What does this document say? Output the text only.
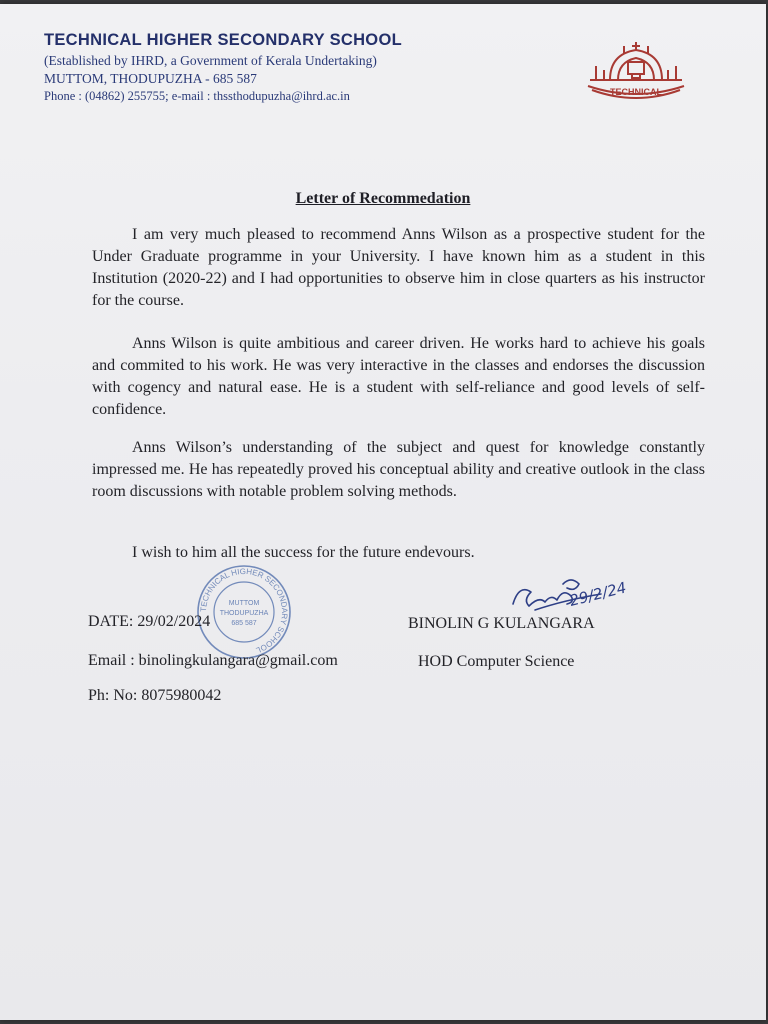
TECHNICAL HIGHER SECONDARY SCHOOL
(Established by IHRD, a Government of Kerala Undertaking)
MUTTOM, THODUPUZHA - 685 587
Phone : (04862) 255755; e-mail : thssthodupuzha@ihrd.ac.in	TECHNICAL
Letter of Recommedation

I am very much pleased to recommend Anns Wilson as a prospective student for the Under Graduate programme in your University. I have known him as a student in this Institution (2020-22) and I had opportunities to observe him in close quarters as his instructor for the course.

Anns Wilson is quite ambitious and career driven. He works hard to achieve his goals and commited to his work. He was very interactive in the classes and endorses the discussion with cogency and natural ease. He is a student with self-reliance and good levels of self-confidence.

Anns Wilson’s understanding of the subject and quest for knowledge constantly impressed me. He has repeatedly proved his conceptual ability and creative outlook in the class room discussions with notable problem solving methods.

I wish to him all the success for the future endevours.

TECHNICAL HIGHER SECONDARY SCHOOL
MUTTOM
THODUPUZHA
685 587
29/2/24
DATE: 29/02/2024
Email : binolingkulangara@gmail.com
Ph: No: 8075980042
BINOLIN G KULANGARA
HOD Computer Science
